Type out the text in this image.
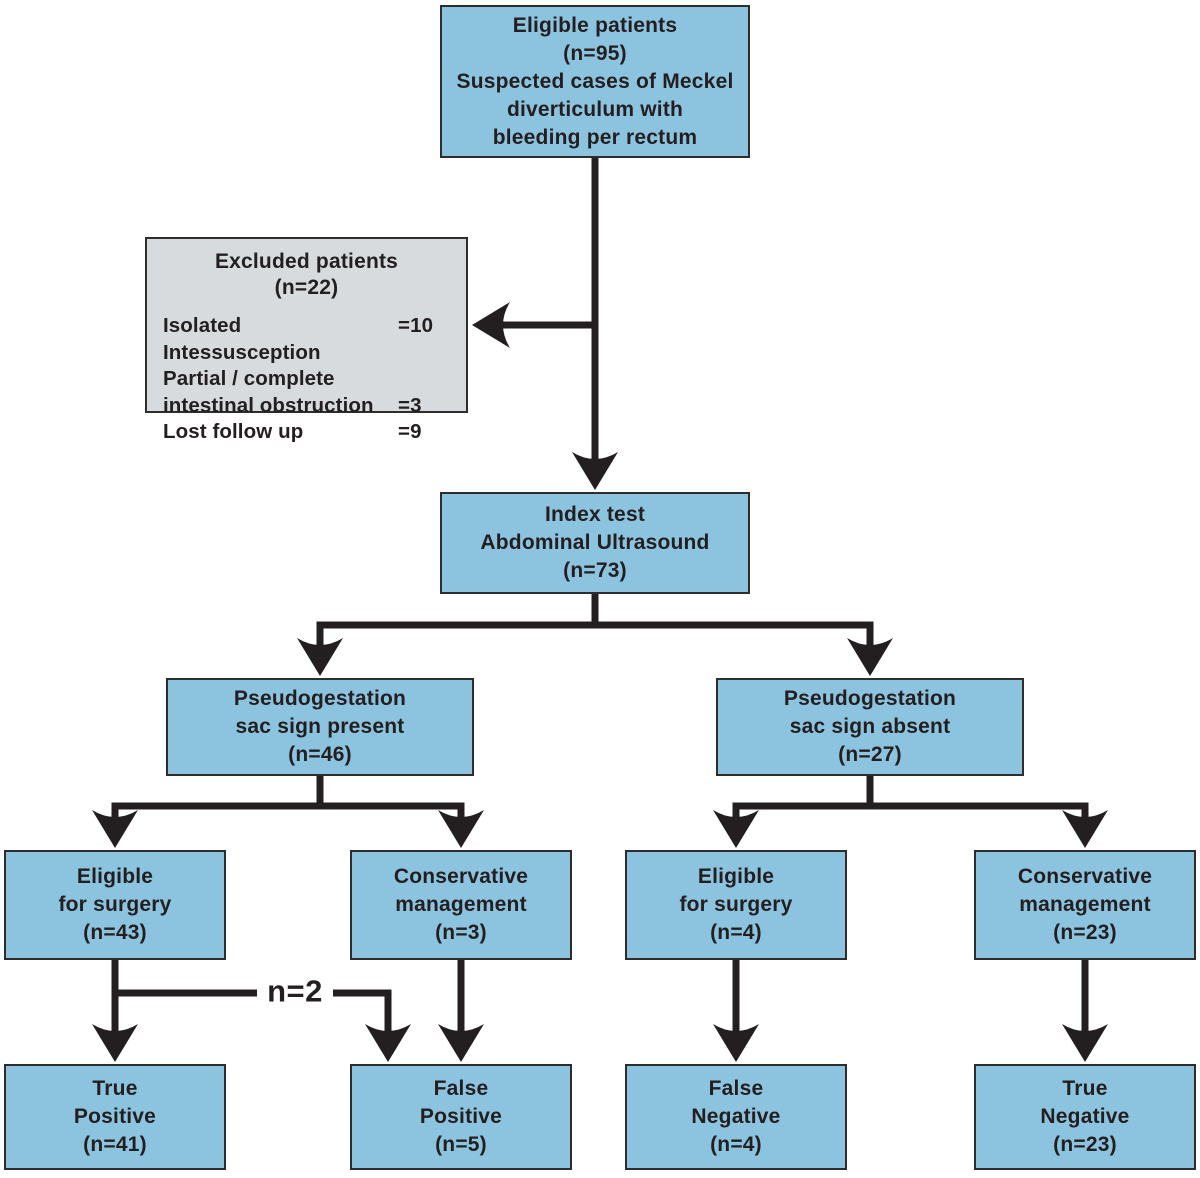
Eligible patients
(n=95)
Suspected cases of Meckel
diverticulum with
bleeding per rectum
Excluded patients
(n=22)
Isolated Intessusception
=10
Partial / complete
intestinal obstruction =3
Lost follow up	=9
Index test
Abdominal Ultrasound
(n=73)
Pseudogestation
sac sign present
(n=46)
Pseudogestation
sac sign absent
(n=27)
Eligible
for surgery
(n=43)
Conservative
management
(n=3)
Eligible
for surgery
(n=4)
Conservative
management
(n=23)
True
Positive
(n=41)
False
Positive
(n=5)
False
Negative
(n=4)
True
Negative
(n=23)
n=2
